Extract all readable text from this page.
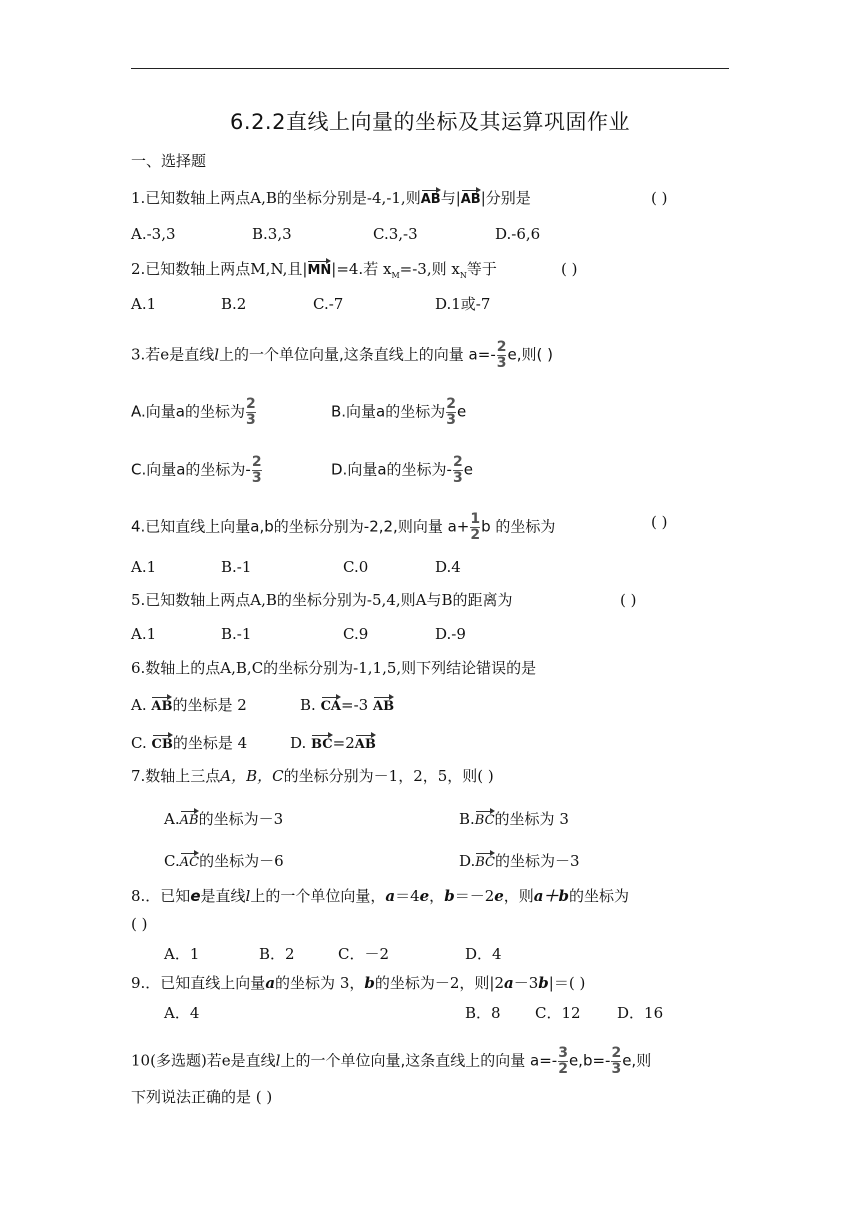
6.2.2直线上向量的坐标及其运算巩固作业
一、选择题
1.已知数轴上两点A,B的坐标分别是-4,-1,则AB与|AB|分别是	( )
A.-3,3	B.3,3	C.3,-3	D.-6,6
2.已知数轴上两点M,N,且|MN|=4.若 $x_M=-3$,则 $x_N$等于	( )
A.1	B.2	C.-7	D.1或-7
3.若e是直线l上的一个单位向量,这条直线上的向量 $a=- \frac{2}{3} e$,则( )
A.向量a的坐标为 $\frac{2}{3}$	B.向量a的坐标为 $\frac{2}{3}$ e
C.向量a的坐标为- $\frac{2}{3}$	D.向量a的坐标为- $\frac{2}{3}$ e
4.已知直线上向量a,b的坐标分别为-2,2,则向量 $a+ \frac{1}{2}$ b 的坐标为	( )
A.1	B.-1	C.0	D.4
5.已知数轴上两点A,B的坐标分别为-5,4,则A与B的距离为	( )
A.1	B.-1	C.9	D.-9
6.数轴上的点A,B,C的坐标分别为-1,1,5,则下列结论错误的是
A. AB的坐标是 2	B. CA=-3 AB
C. CB的坐标是 4	D. BC=2AB
7.数轴上三点A，B，C的坐标分别为－1，2，5，则( )
A.AB的坐标为－3	B.BC的坐标为 3
C.AC的坐标为－6	D.BC的坐标为－3
8.．已知e是直线l上的一个单位向量，a＝4e，b＝－2e，则a＋b的坐标为
( )
A．1	B．2	C．－2	D．4
9.．已知直线上向量a的坐标为 3，b的坐标为－2，则|2a－3b|＝( )
A．4	B．8 C．12 D．16
10(多选题)若e是直线l上的一个单位向量,这条直线上的向量 $a=- \frac{3}{2} e,b=- \frac{2}{3} e$,则
下列说法正确的是 ( )
